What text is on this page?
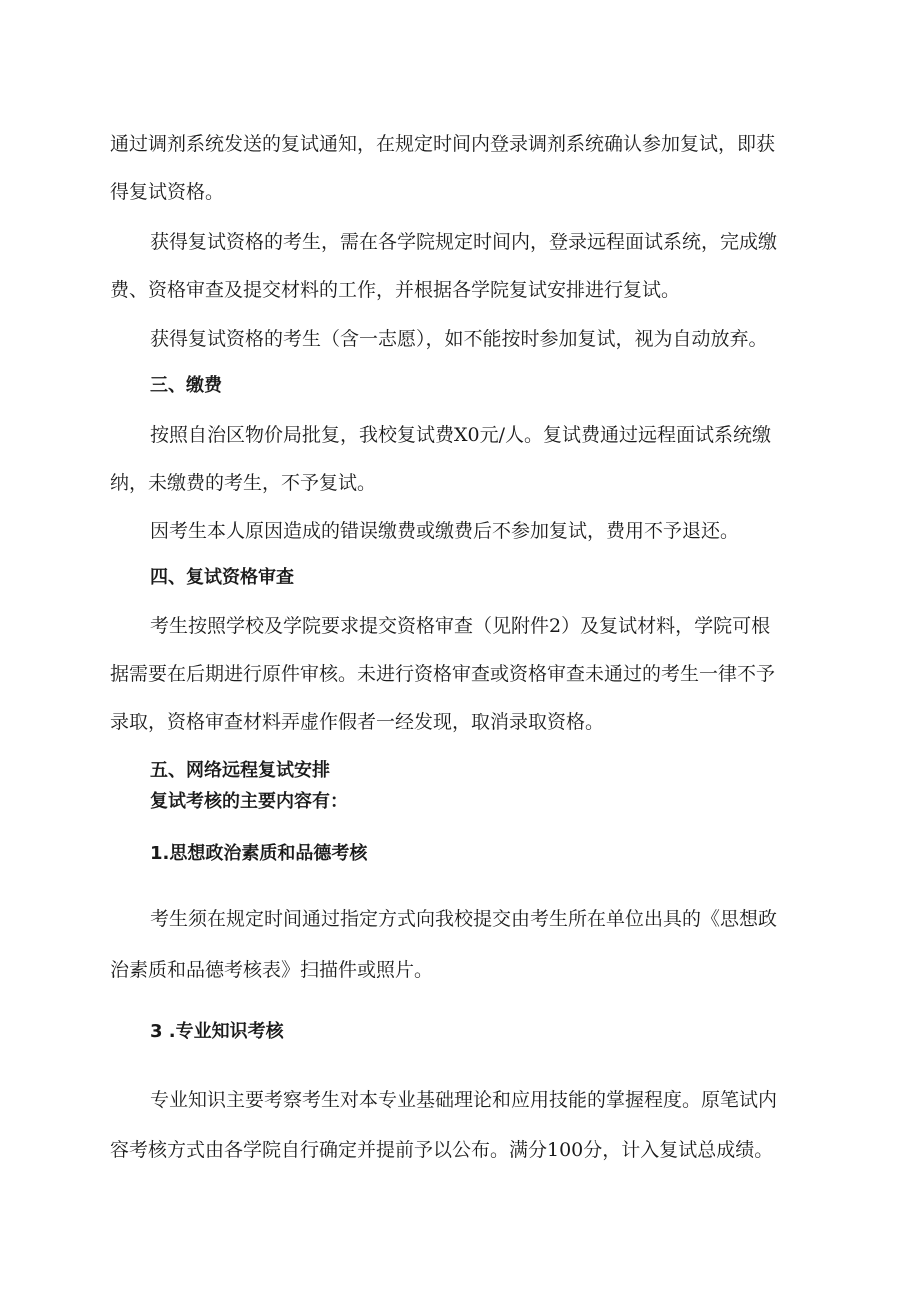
通过调剂系统发送的复试通知，在规定时间内登录调剂系统确认参加复试，即获
得复试资格。
获得复试资格的考生，需在各学院规定时间内，登录远程面试系统，完成缴
费、资格审查及提交材料的工作，并根据各学院复试安排进行复试。
获得复试资格的考生（含一志愿），如不能按时参加复试，视为自动放弃。
三、缴费
按照自治区物价局批复，我校复试费X0元/人。复试费通过远程面试系统缴
纳，未缴费的考生，不予复试。
因考生本人原因造成的错误缴费或缴费后不参加复试，费用不予退还。
四、复试资格审查
考生按照学校及学院要求提交资格审查（见附件2）及复试材料，学院可根
据需要在后期进行原件审核。未进行资格审查或资格审查未通过的考生一律不予
录取，资格审查材料弄虚作假者一经发现，取消录取资格。
五、网络远程复试安排
复试考核的主要内容有：
1.思想政治素质和品德考核
考生须在规定时间通过指定方式向我校提交由考生所在单位出具的《思想政
治素质和品德考核表》扫描件或照片。
3 .专业知识考核
专业知识主要考察考生对本专业基础理论和应用技能的掌握程度。原笔试内
容考核方式由各学院自行确定并提前予以公布。满分100分，计入复试总成绩。
